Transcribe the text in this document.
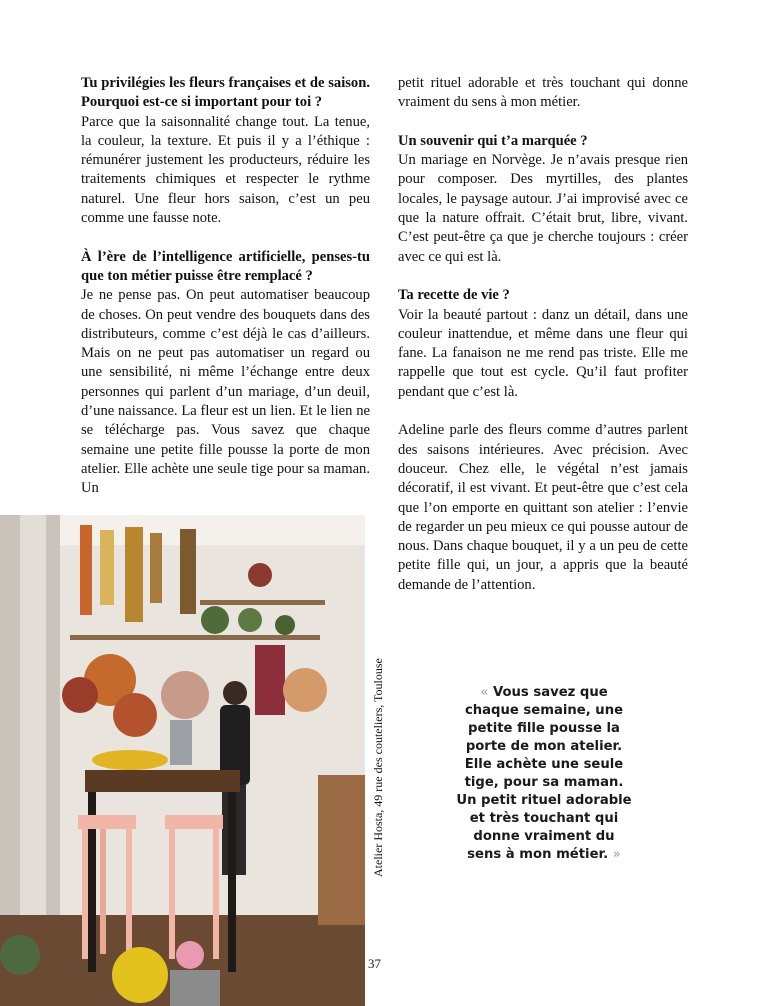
Tu privilégies les fleurs françaises et de saison. Pourquoi est-ce si important pour toi ?

Parce que la saisonnalité change tout. La tenue, la couleur, la texture. Et puis il y a l’éthique : rémunérer justement les producteurs, réduire les traitements chimiques et respecter le rythme naturel. Une fleur hors saison, c’est un peu comme une fausse note.

À l’ère de l’intelligence artificielle, penses-tu que ton métier puisse être remplacé ?

Je ne pense pas. On peut automatiser beaucoup de choses. On peut vendre des bouquets dans des distributeurs, comme c’est déjà le cas d’ailleurs. Mais on ne peut pas automatiser un regard ou une sensibilité, ni même l’échange entre deux personnes qui parlent d’un mariage, d’un deuil, d’une naissance. La fleur est un lien. Et le lien ne se télécharge pas. Vous savez que chaque semaine une petite fille pousse la porte de mon atelier. Elle achète une seule tige pour sa maman. Un

petit rituel adorable et très touchant qui donne vraiment du sens à mon métier.

Un souvenir qui t’a marquée ?

Un mariage en Norvège. Je n’avais presque rien pour composer. Des myrtilles, des plantes locales, le paysage autour. J’ai improvisé avec ce que la nature offrait. C’était brut, libre, vivant. C’est peut-être ça que je cherche toujours : créer avec ce qui est là.

Ta recette de vie ?

Voir la beauté partout : danz un détail, dans une couleur inattendue, et même dans une fleur qui fane. La fanaison ne me rend pas triste. Elle me rappelle que tout est cycle. Qu’il faut profiter pendant que c’est là.

Adeline parle des fleurs comme d’autres parlent des saisons intérieures. Avec précision. Avec douceur. Chez elle, le végétal n’est jamais décoratif, il est vivant. Et peut-être que c’est cela que l’on emporte en quittant son atelier : l’envie de regarder un peu mieux ce qui pousse autour de nous. Dans chaque bouquet, il y a un peu de cette petite fille qui, un jour, a appris que la beauté demande de l’attention.

Atelier Hosta, 49 rue des couteliers, Toulouse	« Vous savez que chaque semaine, une petite fille pousse la porte de mon atelier. Elle achète une seule tige, pour sa maman. Un petit rituel adorable et très touchant qui donne vraiment du sens à mon métier. »
37
